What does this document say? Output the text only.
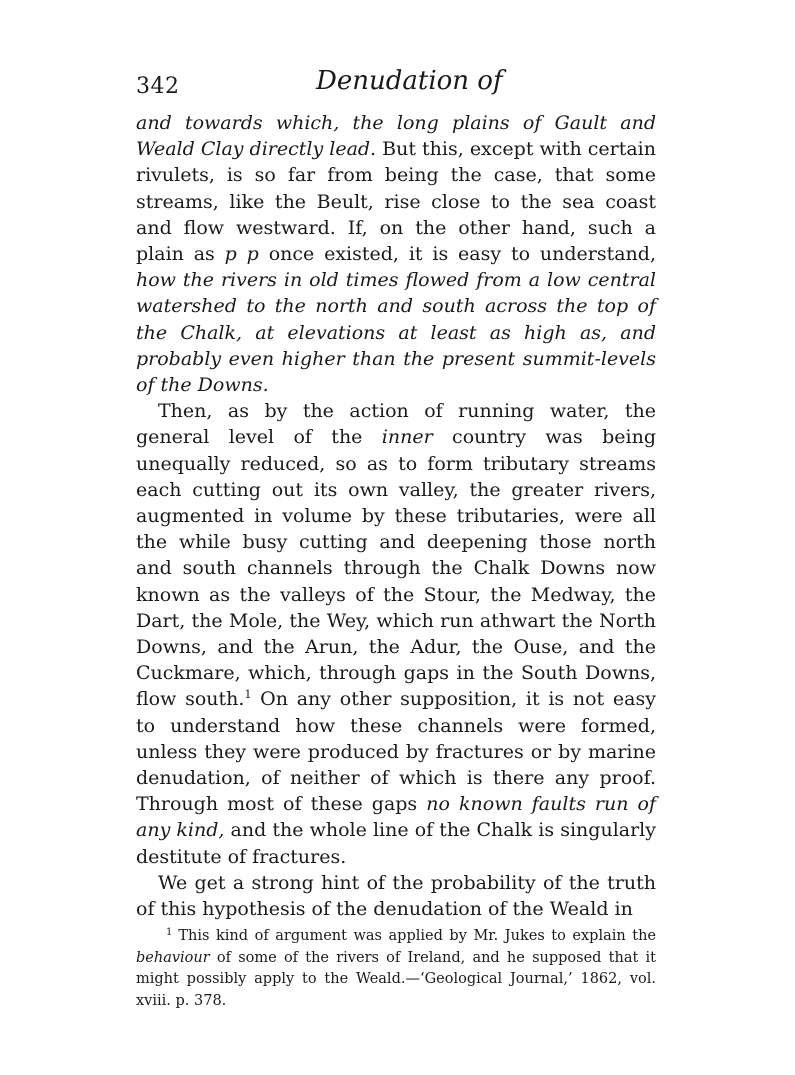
342	Denudation of

and towards which, the long plains of Gault and Weald Clay directly lead. But this, except with certain rivulets, is so far from being the case, that some streams, like the Beult, rise close to the sea coast and flow westward. If, on the other hand, such a plain as p p once existed, it is easy to understand, how the rivers in old times flowed from a low central watershed to the north and south across the top of the Chalk, at elevations at least as high as, and probably even higher than the present summit-levels of the Downs.

Then, as by the action of running water, the general level of the inner country was being unequally reduced, so as to form tributary streams each cutting out its own valley, the greater rivers, augmented in volume by these tributaries, were all the while busy cutting and deepening those north and south channels through the Chalk Downs now known as the valleys of the Stour, the Medway, the Dart, the Mole, the Wey, which run athwart the North Downs, and the Arun, the Adur, the Ouse, and the Cuckmare, which, through gaps in the South Downs, flow south.$^1$ On any other supposition, it is not easy to understand how these channels were formed, unless they were produced by fractures or by marine denudation, of neither of which is there any proof. Through most of these gaps no known faults run of any kind, and the whole line of the Chalk is singularly destitute of fractures.

We get a strong hint of the probability of the truth of this hypothesis of the denudation of the Weald in

$^1$ This kind of argument was applied by Mr. Jukes to explain the behaviour of some of the rivers of Ireland, and he supposed that it might possibly apply to the Weald.—‘Geological Journal,’ 1862, vol. xviii. p. 378.
